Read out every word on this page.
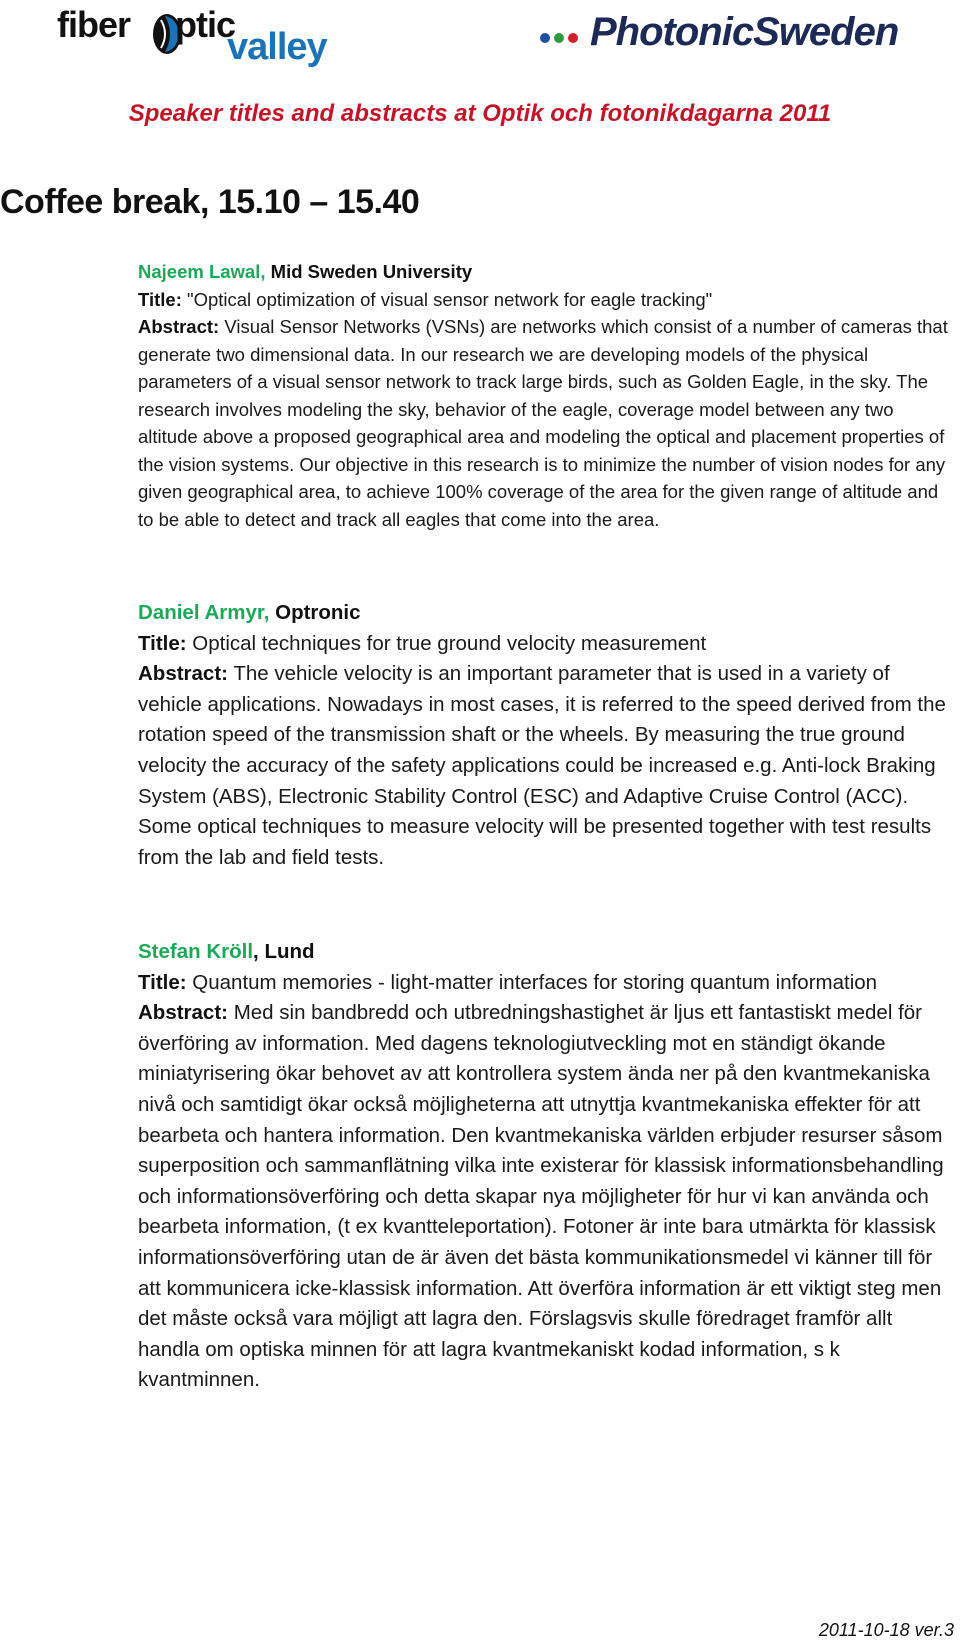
fiber ptic
valley	PhotonicSweden
Speaker titles and abstracts at Optik och fotonikdagarna 2011
Coffee break, 15.10 – 15.40

Najeem Lawal, Mid Sweden University

Title: "Optical optimization of visual sensor network for eagle tracking"

Abstract: Visual Sensor Networks (VSNs) are networks which consist of a number of cameras that generate two dimensional data. In our research we are developing models of the physical parameters of a visual sensor network to track large birds, such as Golden Eagle, in the sky. The research involves modeling the sky, behavior of the eagle, coverage model between any two altitude above a proposed geographical area and modeling the optical and placement properties of the vision systems. Our objective in this research is to minimize the number of vision nodes for any given geographical area, to achieve 100% coverage of the area for the given range of altitude and to be able to detect and track all eagles that come into the area.

Daniel Armyr, Optronic

Title: Optical techniques for true ground velocity measurement

Abstract: The vehicle velocity is an important parameter that is used in a variety of vehicle applications. Nowadays in most cases, it is referred to the speed derived from the rotation speed of the transmission shaft or the wheels. By measuring the true ground velocity the accuracy of the safety applications could be increased e.g. Anti-lock Braking System (ABS), Electronic Stability Control (ESC) and Adaptive Cruise Control (ACC). Some optical techniques to measure velocity will be presented together with test results from the lab and field tests.

Stefan Kröll, Lund

Title: Quantum memories - light-matter interfaces for storing quantum information

Abstract: Med sin bandbredd och utbredningshastighet är ljus ett fantastiskt medel för överföring av information. Med dagens teknologiutveckling mot en ständigt ökande miniatyrisering ökar behovet av att kontrollera system ända ner på den kvantmekaniska nivå och samtidigt ökar också möjligheterna att utnyttja kvantmekaniska effekter för att bearbeta och hantera information. Den kvantmekaniska världen erbjuder resurser såsom superposition och sammanflätning vilka inte existerar för klassisk informationsbehandling och informationsöverföring och detta skapar nya möjligheter för hur vi kan använda och bearbeta information, (t ex kvantteleportation). Fotoner är inte bara utmärkta för klassisk informationsöverföring utan de är även det bästa kommunikationsmedel vi känner till för att kommunicera icke-klassisk information. Att överföra information är ett viktigt steg men det måste också vara möjligt att lagra den. Förslagsvis skulle föredraget framför allt handla om optiska minnen för att lagra kvantmekaniskt kodad information, s k kvantminnen.

2011-10-18 ver.3
